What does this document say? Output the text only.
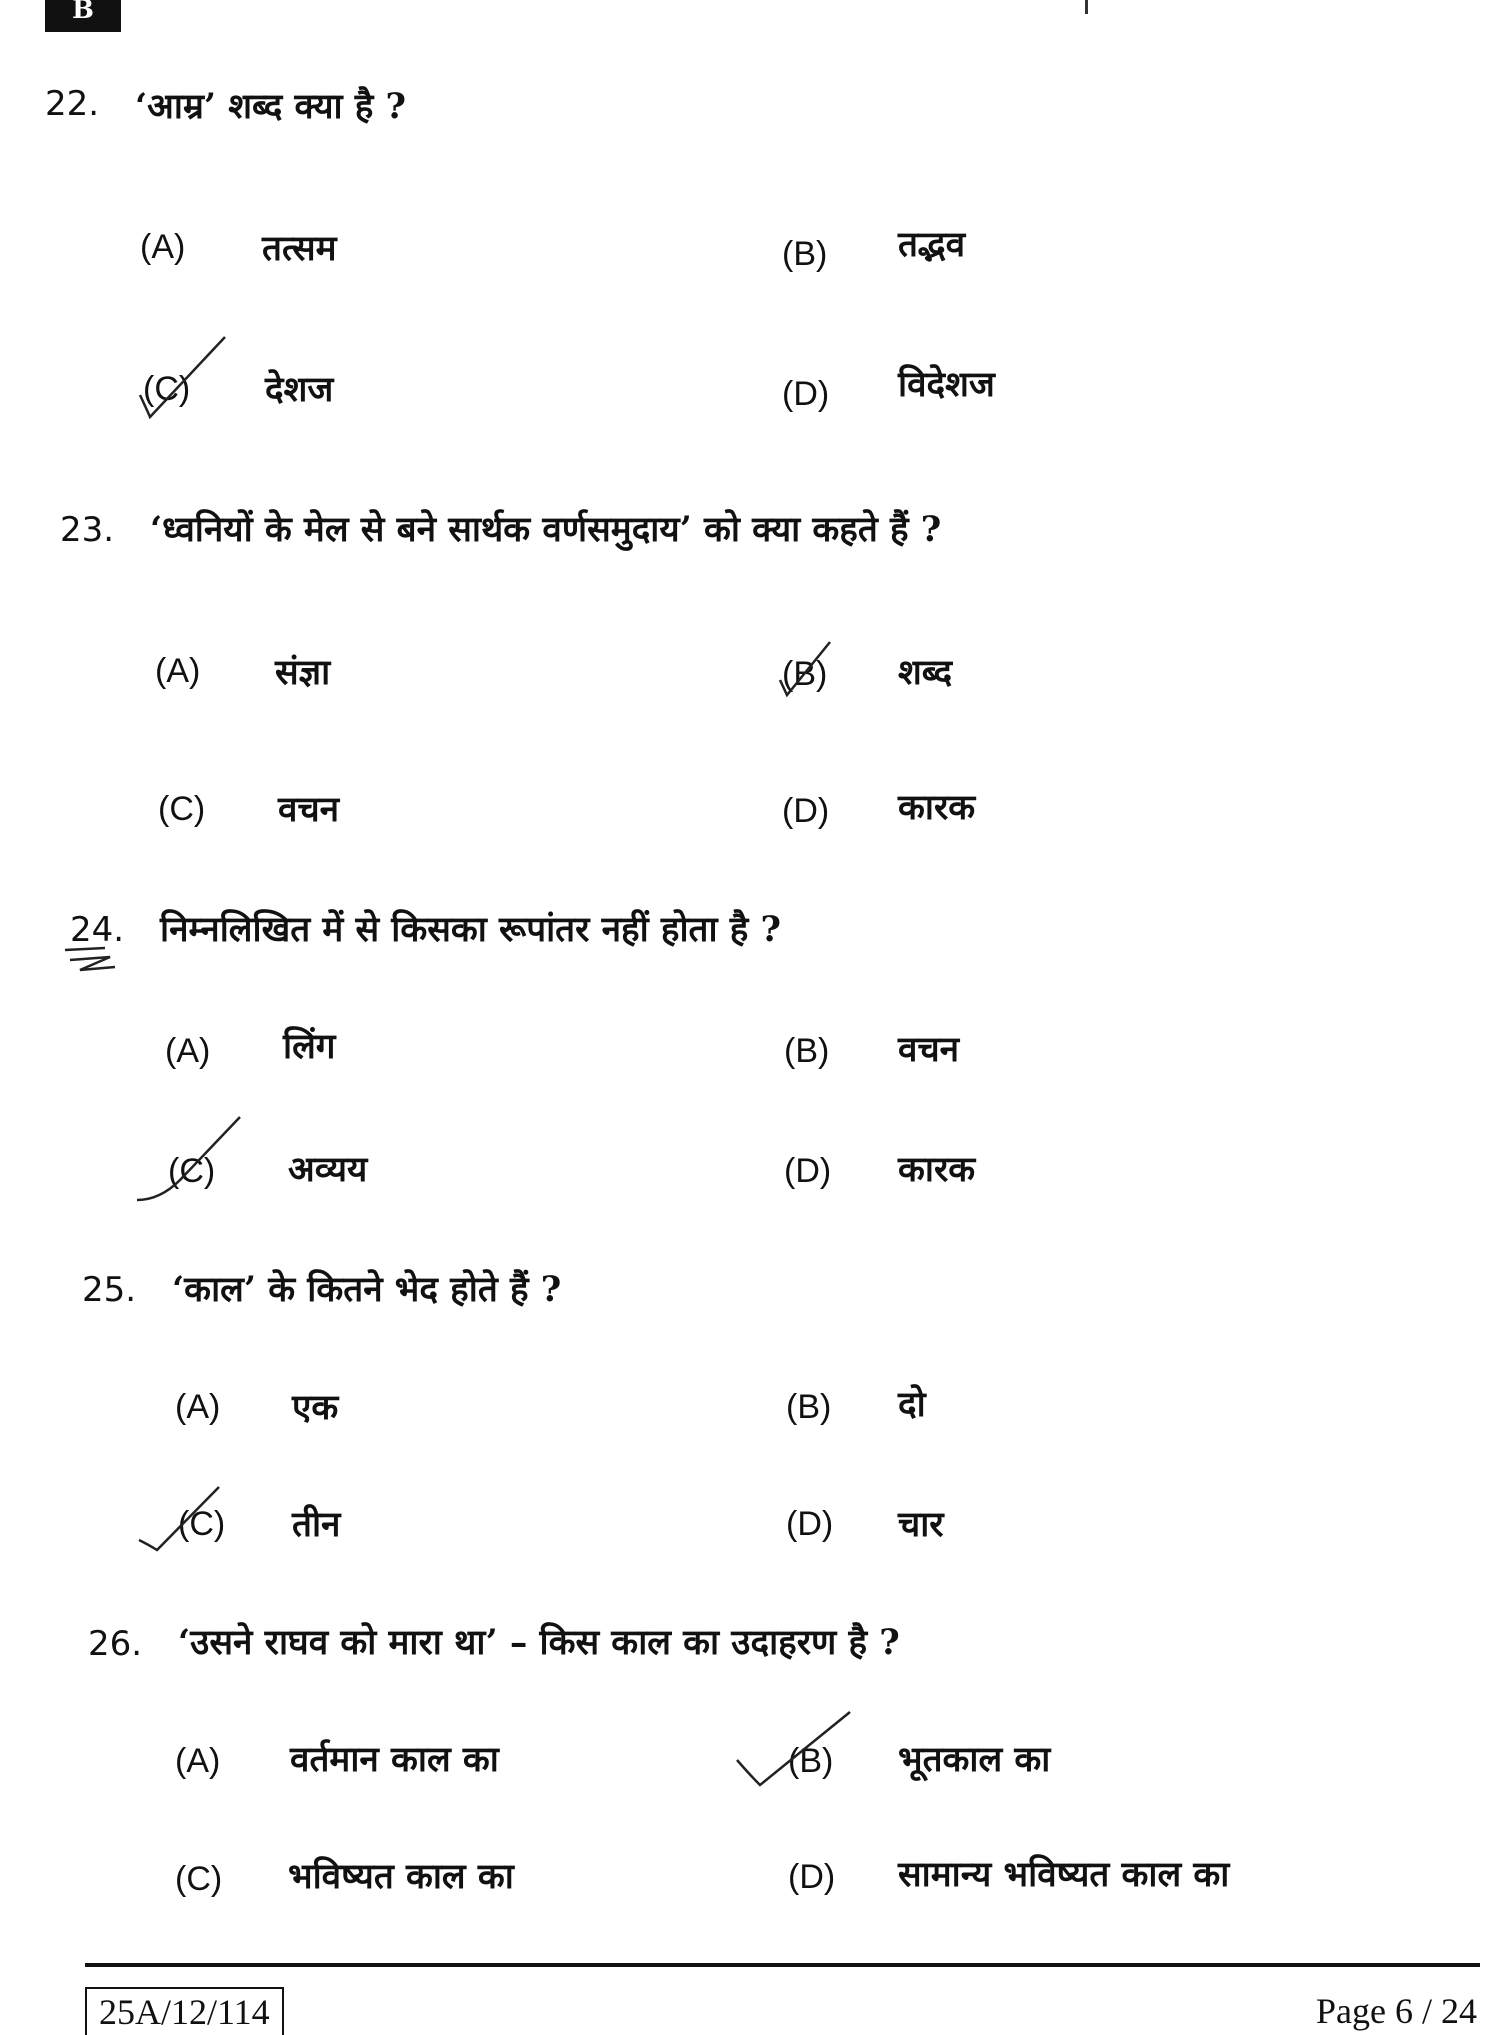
B
22. ‘आम्र’ शब्द क्या है ?
(A) तत्सम	(B) तद्भव
(C) देशज	(D) विदेशज
23. ‘ध्वनियों के मेल से बने सार्थक वर्णसमुदाय’ को क्या कहते हैं ?
(A) संज्ञा	(B) शब्द
(C) वचन	(D) कारक
24. निम्नलिखित में से किसका रूपांतर नहीं होता है ?
(A) लिंग	(B) वचन
(C) अव्यय	(D) कारक
25. ‘काल’ के कितने भेद होते हैं ?
(A) एक	(B) दो
(C) तीन	(D) चार
26. ‘उसने राघव को मारा था’ – किस काल का उदाहरण है ?
(A) वर्तमान काल का	(B) भूतकाल का
(C) भविष्यत काल का	(D) सामान्य भविष्यत काल का
25A/12/114	Page 6 / 24
